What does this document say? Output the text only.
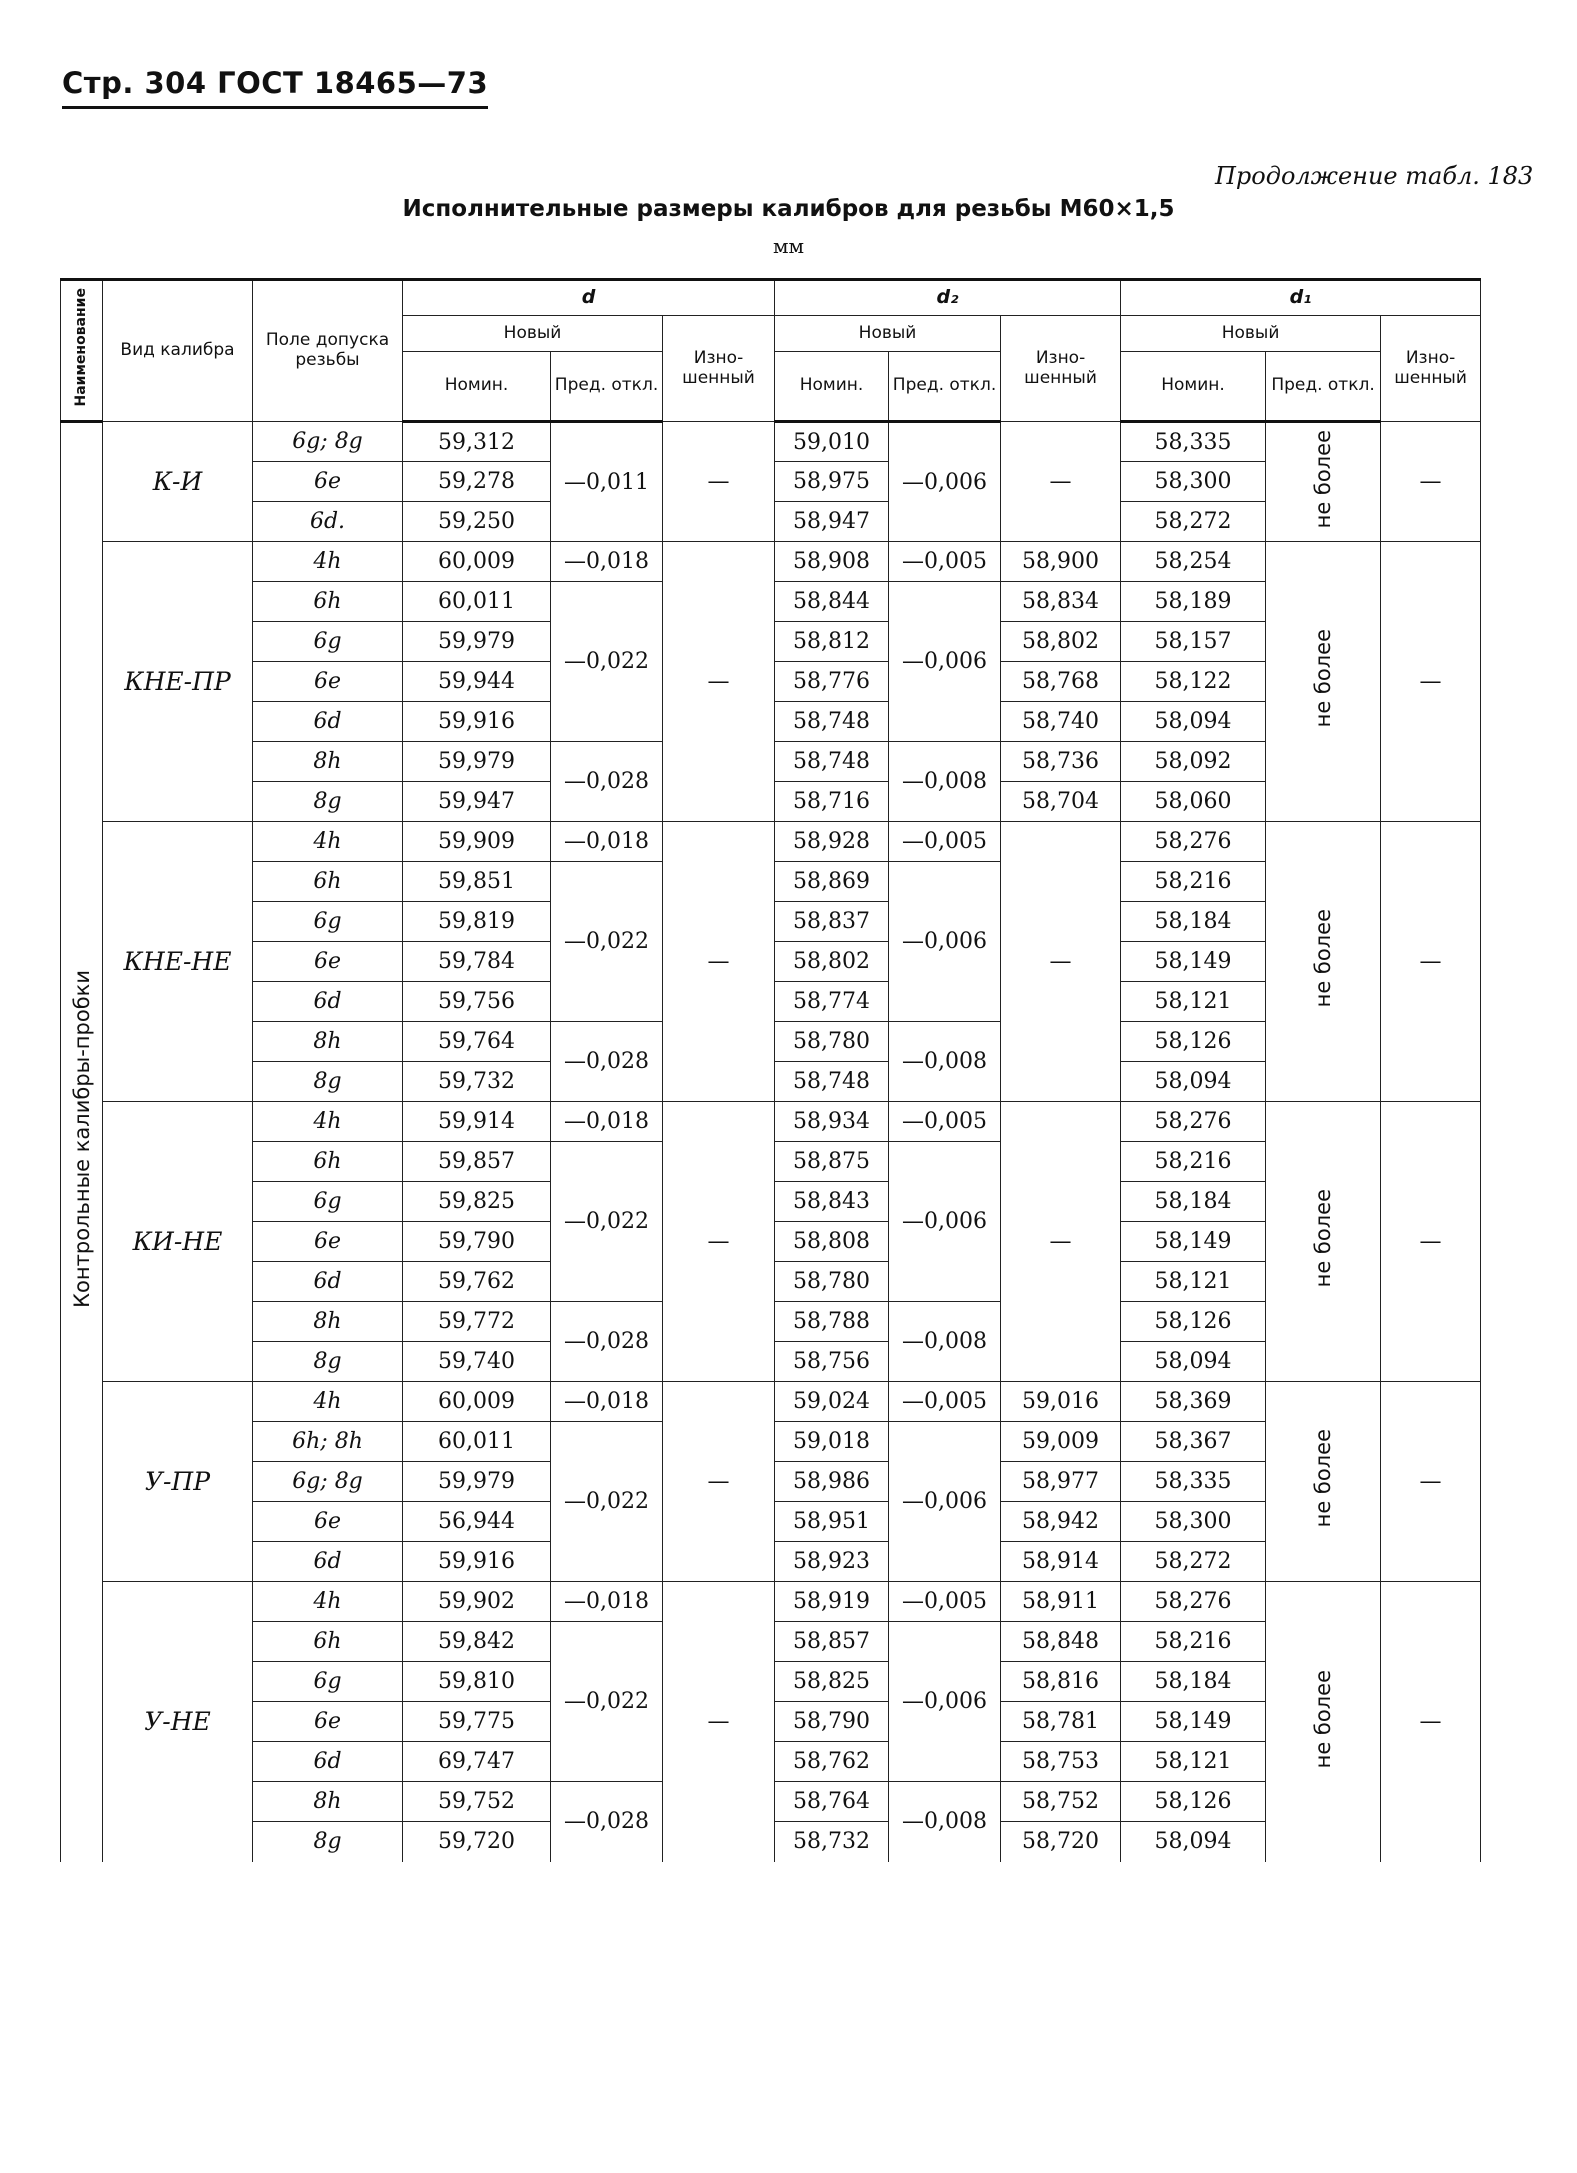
Стр. 304 ГОСТ 18465—73
Продолжение табл. 183
Исполнительные размеры калибров для резьбы M60×1,5
мм
Наименование	Вид калибра	Поле допуска резьбы	d			d₂			d₁		
			Новый		Изно-шенный	Новый		Изно-шенный	Новый		Изно-шенный
			Номин.	Пред. откл.		Номин.	Пред. откл.		Номин.	Пред. откл.	
Контрольные калибры-пробки	К-И	6g; 8g	59,312	—0,011	—	59,010	—0,006	—	58,335	не более	—
		6e	59,278			58,975			58,300		
		6d.	59,250			58,947			58,272		
	КНЕ-ПР	4h	60,009	—0,018	—	58,908	—0,005	58,900	58,254	не более	—
		6h	60,011	—0,022		58,844	—0,006	58,834	58,189		
		6g	59,979			58,812		58,802	58,157		
		6e	59,944			58,776		58,768	58,122		
		6d	59,916			58,748		58,740	58,094		
		8h	59,979	—0,028		58,748	—0,008	58,736	58,092		
		8g	59,947			58,716		58,704	58,060		
	КНЕ-НЕ	4h	59,909	—0,018	—	58,928	—0,005	—	58,276	не более	—
		6h	59,851	—0,022		58,869	—0,006		58,216		
		6g	59,819			58,837			58,184		
		6e	59,784			58,802			58,149		
		6d	59,756			58,774			58,121		
		8h	59,764	—0,028		58,780	—0,008		58,126		
		8g	59,732			58,748			58,094		
	КИ-НЕ	4h	59,914	—0,018	—	58,934	—0,005	—	58,276	не более	—
		6h	59,857	—0,022		58,875	—0,006		58,216		
		6g	59,825			58,843			58,184		
		6e	59,790			58,808			58,149		
		6d	59,762			58,780			58,121		
		8h	59,772	—0,028		58,788	—0,008		58,126		
		8g	59,740			58,756			58,094		
	У-ПР	4h	60,009	—0,018	—	59,024	—0,005	59,016	58,369	не более	—
		6h; 8h	60,011	—0,022		59,018	—0,006	59,009	58,367		
		6g; 8g	59,979			58,986		58,977	58,335		
		6e	56,944			58,951		58,942	58,300		
		6d	59,916			58,923		58,914	58,272		
	У-НЕ	4h	59,902	—0,018	—	58,919	—0,005	58,911	58,276	не более	—
		6h	59,842	—0,022		58,857	—0,006	58,848	58,216		
		6g	59,810			58,825		58,816	58,184		
		6e	59,775			58,790		58,781	58,149		
		6d	69,747			58,762		58,753	58,121		
		8h	59,752	—0,028		58,764	—0,008	58,752	58,126		
		8g	59,720			58,732		58,720	58,094		
